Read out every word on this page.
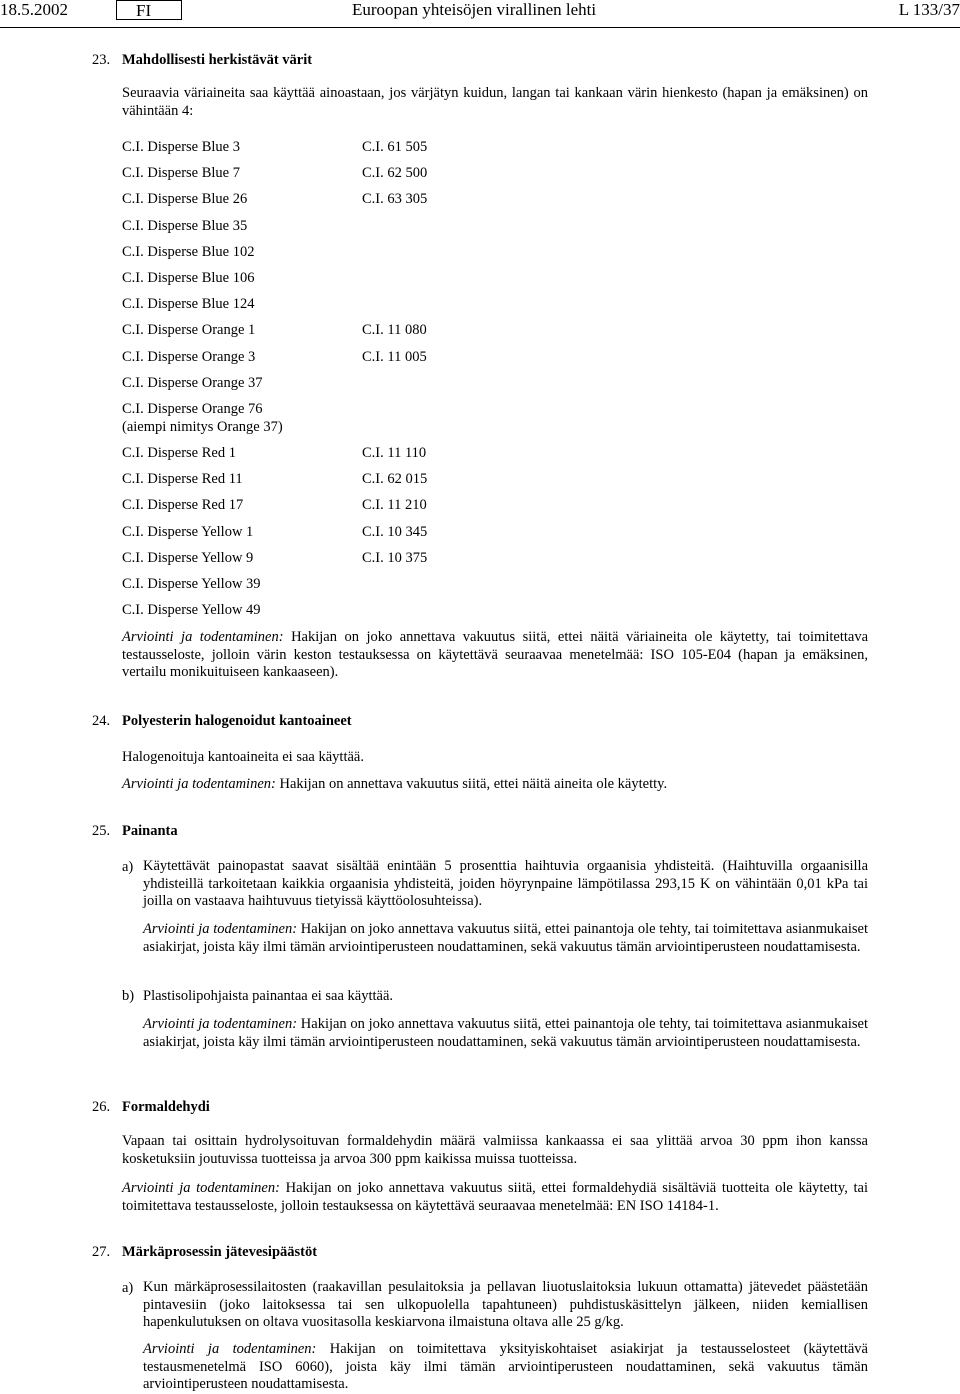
18.5.2002	FI	Euroopan yhteisöjen virallinen lehti	L 133/37
23. Mahdollisesti herkistävät värit
Seuraavia väriaineita saa käyttää ainoastaan, jos värjätyn kuidun, langan tai kankaan värin hienkesto (hapan ja emäksinen) on vähintään 4:
C.I. Disperse Blue 3	C.I. 61 505
C.I. Disperse Blue 7	C.I. 62 500
C.I. Disperse Blue 26	C.I. 63 305
C.I. Disperse Blue 35
C.I. Disperse Blue 102
C.I. Disperse Blue 106
C.I. Disperse Blue 124
C.I. Disperse Orange 1	C.I. 11 080
C.I. Disperse Orange 3	C.I. 11 005
C.I. Disperse Orange 37
C.I. Disperse Orange 76
(aiempi nimitys Orange 37)
C.I. Disperse Red 1	C.I. 11 110
C.I. Disperse Red 11	C.I. 62 015
C.I. Disperse Red 17	C.I. 11 210
C.I. Disperse Yellow 1	C.I. 10 345
C.I. Disperse Yellow 9	C.I. 10 375
C.I. Disperse Yellow 39
C.I. Disperse Yellow 49
Arviointi ja todentaminen: Hakijan on joko annettava vakuutus siitä, ettei näitä väriaineita ole käytetty, tai toimitettava testausseloste, jolloin värin keston testauksessa on käytettävä seuraavaa menetelmää: ISO 105-E04 (hapan ja emäksinen, vertailu monikuituiseen kankaaseen).
24. Polyesterin halogenoidut kantoaineet
Halogenoituja kantoaineita ei saa käyttää.
Arviointi ja todentaminen: Hakijan on annettava vakuutus siitä, ettei näitä aineita ole käytetty.
25. Painanta
a) Käytettävät painopastat saavat sisältää enintään 5 prosenttia haihtuvia orgaanisia yhdisteitä. (Haihtuvilla orgaanisilla yhdisteillä tarkoitetaan kaikkia orgaanisia yhdisteitä, joiden höyrynpaine lämpötilassa 293,15 K on vähintään 0,01 kPa tai joilla on vastaava haihtuvuus tietyissä käyttöolosuhteissa).
Arviointi ja todentaminen: Hakijan on joko annettava vakuutus siitä, ettei painantoja ole tehty, tai toimitettava asianmukaiset asiakirjat, joista käy ilmi tämän arviointiperusteen noudattaminen, sekä vakuutus tämän arviointiperusteen noudattamisesta.
b) Plastisolipohjaista painantaa ei saa käyttää.
Arviointi ja todentaminen: Hakijan on joko annettava vakuutus siitä, ettei painantoja ole tehty, tai toimitettava asianmukaiset asiakirjat, joista käy ilmi tämän arviointiperusteen noudattaminen, sekä vakuutus tämän arviointiperusteen noudattamisesta.
26. Formaldehydi
Vapaan tai osittain hydrolysoituvan formaldehydin määrä valmiissa kankaassa ei saa ylittää arvoa 30 ppm ihon kanssa kosketuksiin joutuvissa tuotteissa ja arvoa 300 ppm kaikissa muissa tuotteissa.
Arviointi ja todentaminen: Hakijan on joko annettava vakuutus siitä, ettei formaldehydiä sisältäviä tuotteita ole käytetty, tai toimitettava testausseloste, jolloin testauksessa on käytettävä seuraavaa menetelmää: EN ISO 14184-1.
27. Märkäprosessin jätevesipäästöt
a) Kun märkäprosessilaitosten (raakavillan pesulaitoksia ja pellavan liuotuslaitoksia lukuun ottamatta) jätevedet päästetään pintavesiin (joko laitoksessa tai sen ulkopuolella tapahtuneen) puhdistuskäsittelyn jälkeen, niiden kemiallisen hapenkulutuksen on oltava vuositasolla keskiarvona ilmaistuna oltava alle 25 g/kg.
Arviointi ja todentaminen: Hakijan on toimitettava yksityiskohtaiset asiakirjat ja testausselosteet (käytettävä testausmenetelmä ISO 6060), joista käy ilmi tämän arviointiperusteen noudattaminen, sekä vakuutus tämän arviointiperusteen noudattamisesta.
